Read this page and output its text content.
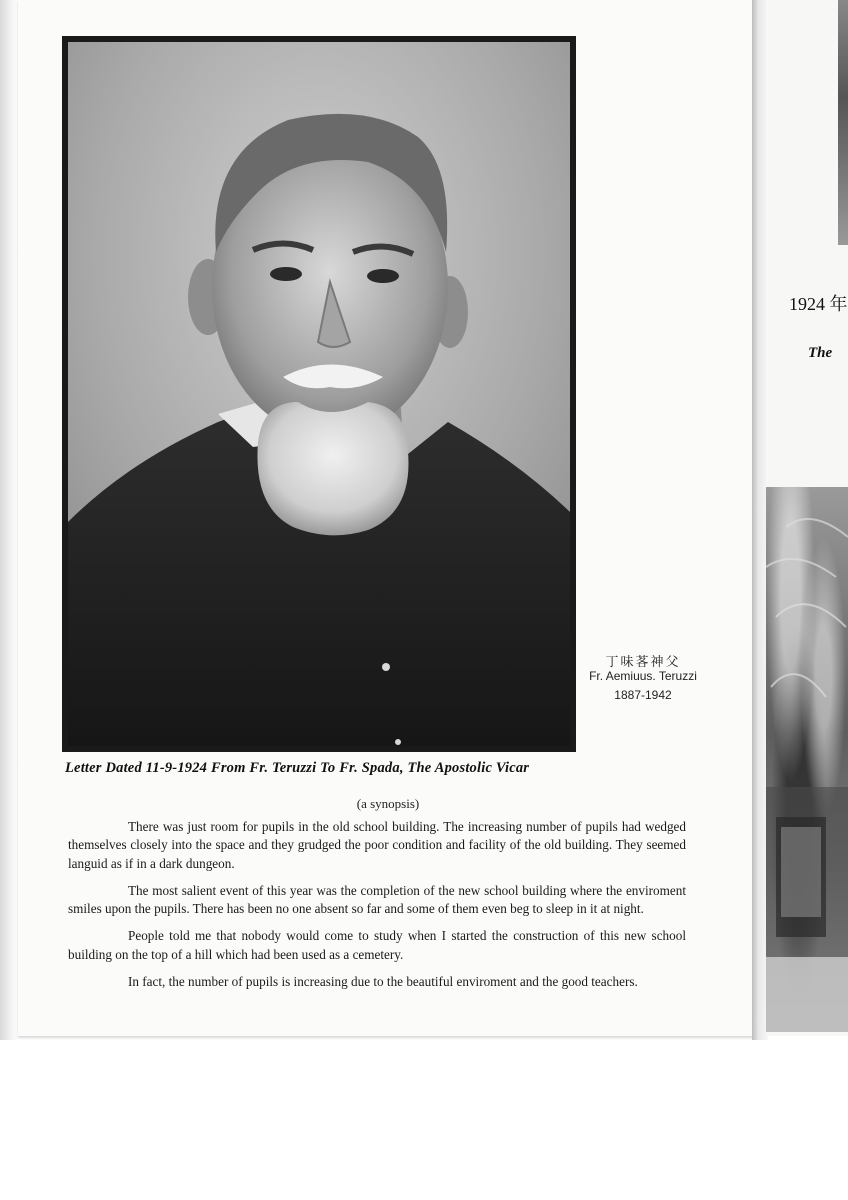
1924 年
The
丁味茖神父
Fr. Aemiuus. Teruzzi
1887-1942
Letter Dated 11-9-1924 From Fr. Teruzzi To Fr. Spada, The Apostolic Vicar
(a synopsis)

There was just room for pupils in the old school building. The increasing number of pupils had wedged themselves closely into the space and they grudged the poor condition and facility of the old building. They seemed languid as if in a dark dungeon.

The most salient event of this year was the completion of the new school building where the enviroment smiles upon the pupils. There has been no one absent so far and some of them even beg to sleep in it at night.

People told me that nobody would come to study when I started the construction of this new school building on the top of a hill which had been used as a cemetery.

In fact, the number of pupils is increasing due to the beautiful enviroment and the good teachers.
